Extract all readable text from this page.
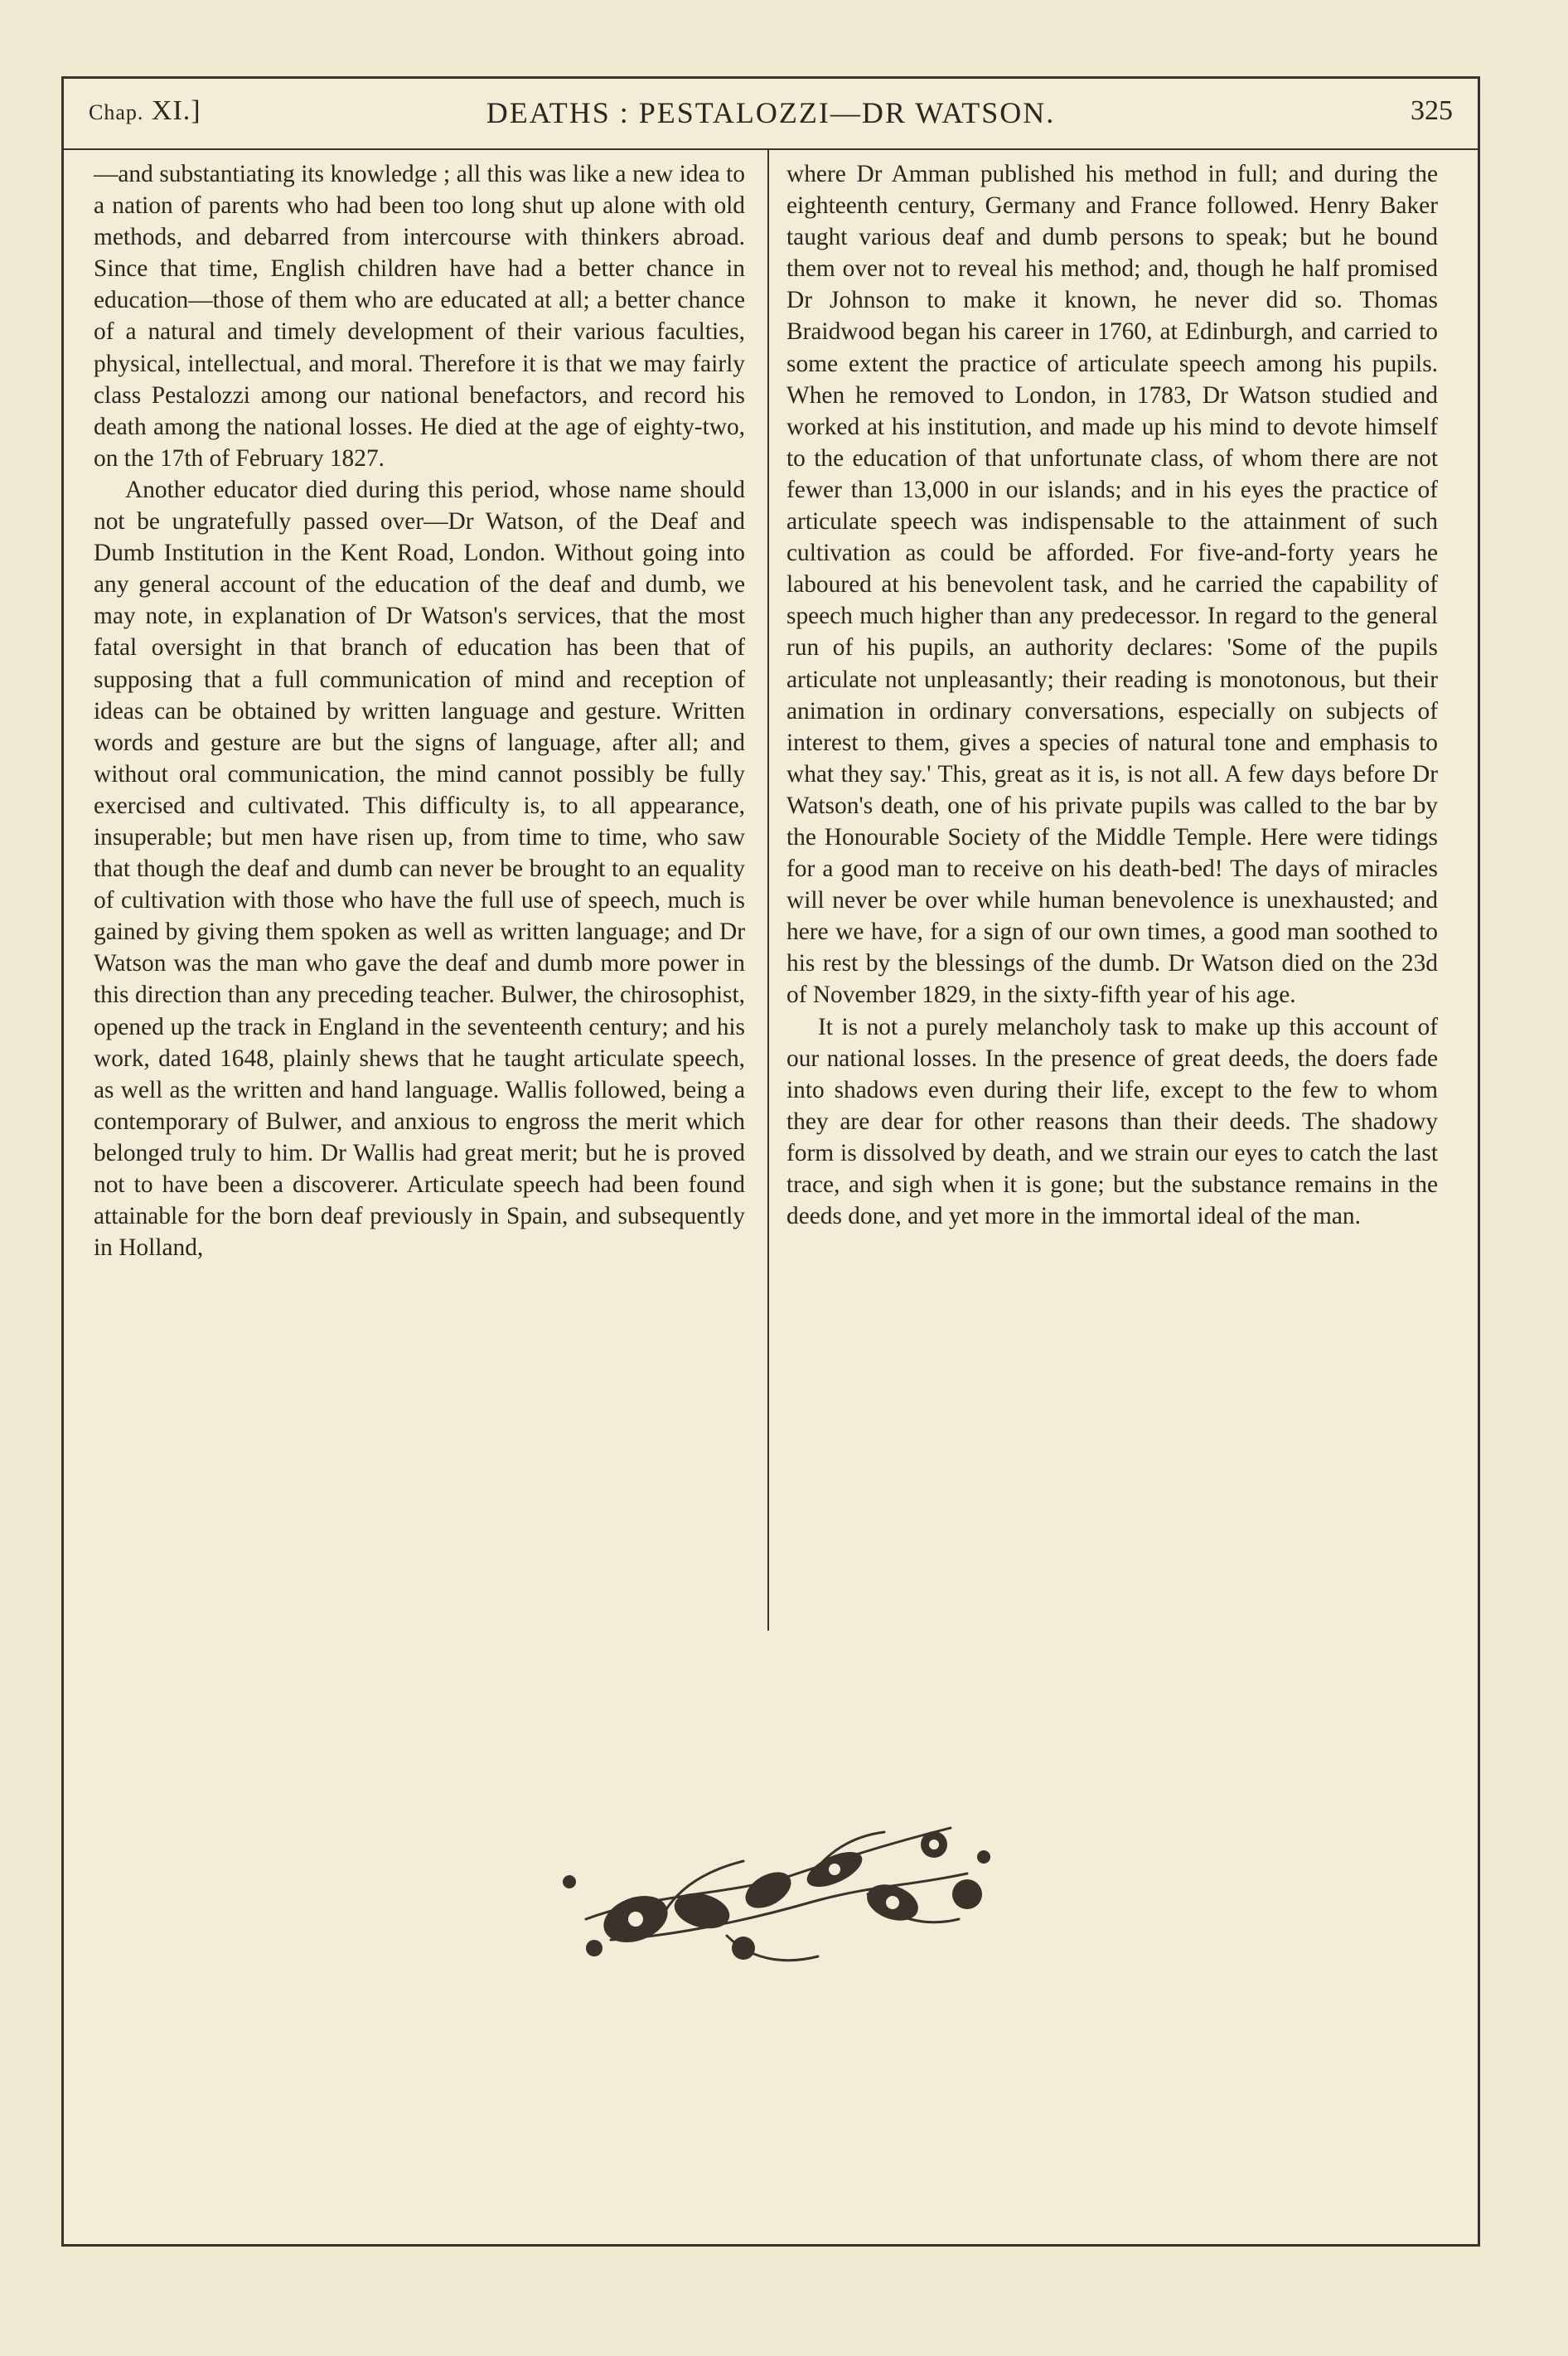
Chap. XI.]	DEATHS : PESTALOZZI—DR WATSON.	325

—and substantiating its knowledge ; all this was like a new idea to a nation of parents who had been too long shut up alone with old methods, and debarred from intercourse with thinkers abroad. Since that time, English children have had a better chance in education—those of them who are educated at all; a better chance of a natural and timely development of their various faculties, physical, intellectual, and moral. Therefore it is that we may fairly class Pestalozzi among our national benefactors, and record his death among the national losses. He died at the age of eighty-two, on the 17th of February 1827.

Another educator died during this period, whose name should not be ungratefully passed over—Dr Watson, of the Deaf and Dumb Institution in the Kent Road, London. Without going into any general account of the education of the deaf and dumb, we may note, in explanation of Dr Watson's services, that the most fatal oversight in that branch of education has been that of supposing that a full communication of mind and reception of ideas can be obtained by written language and gesture. Written words and gesture are but the signs of language, after all; and without oral communication, the mind cannot possibly be fully exercised and cultivated. This difficulty is, to all appearance, insuperable; but men have risen up, from time to time, who saw that though the deaf and dumb can never be brought to an equality of cultivation with those who have the full use of speech, much is gained by giving them spoken as well as written language; and Dr Watson was the man who gave the deaf and dumb more power in this direction than any preceding teacher. Bulwer, the chirosophist, opened up the track in England in the seventeenth century; and his work, dated 1648, plainly shews that he taught articulate speech, as well as the written and hand language. Wallis followed, being a contemporary of Bulwer, and anxious to engross the merit which belonged truly to him. Dr Wallis had great merit; but he is proved not to have been a discoverer. Articulate speech had been found attainable for the born deaf previously in Spain, and subsequently in Holland,

where Dr Amman published his method in full; and during the eighteenth century, Germany and France followed. Henry Baker taught various deaf and dumb persons to speak; but he bound them over not to reveal his method; and, though he half promised Dr Johnson to make it known, he never did so. Thomas Braidwood began his career in 1760, at Edinburgh, and carried to some extent the practice of articulate speech among his pupils. When he removed to London, in 1783, Dr Watson studied and worked at his institution, and made up his mind to devote himself to the education of that unfortunate class, of whom there are not fewer than 13,000 in our islands; and in his eyes the practice of articulate speech was indispensable to the attainment of such cultivation as could be afforded. For five-and-forty years he laboured at his benevolent task, and he carried the capability of speech much higher than any predecessor. In regard to the general run of his pupils, an authority declares: 'Some of the pupils articulate not unpleasantly; their reading is monotonous, but their animation in ordinary conversations, especially on subjects of interest to them, gives a species of natural tone and emphasis to what they say.' This, great as it is, is not all. A few days before Dr Watson's death, one of his private pupils was called to the bar by the Honourable Society of the Middle Temple. Here were tidings for a good man to receive on his death-bed! The days of miracles will never be over while human benevolence is unexhausted; and here we have, for a sign of our own times, a good man soothed to his rest by the blessings of the dumb. Dr Watson died on the 23d of November 1829, in the sixty-fifth year of his age.

It is not a purely melancholy task to make up this account of our national losses. In the presence of great deeds, the doers fade into shadows even during their life, except to the few to whom they are dear for other reasons than their deeds. The shadowy form is dissolved by death, and we strain our eyes to catch the last trace, and sigh when it is gone; but the substance remains in the deeds done, and yet more in the immortal ideal of the man.
